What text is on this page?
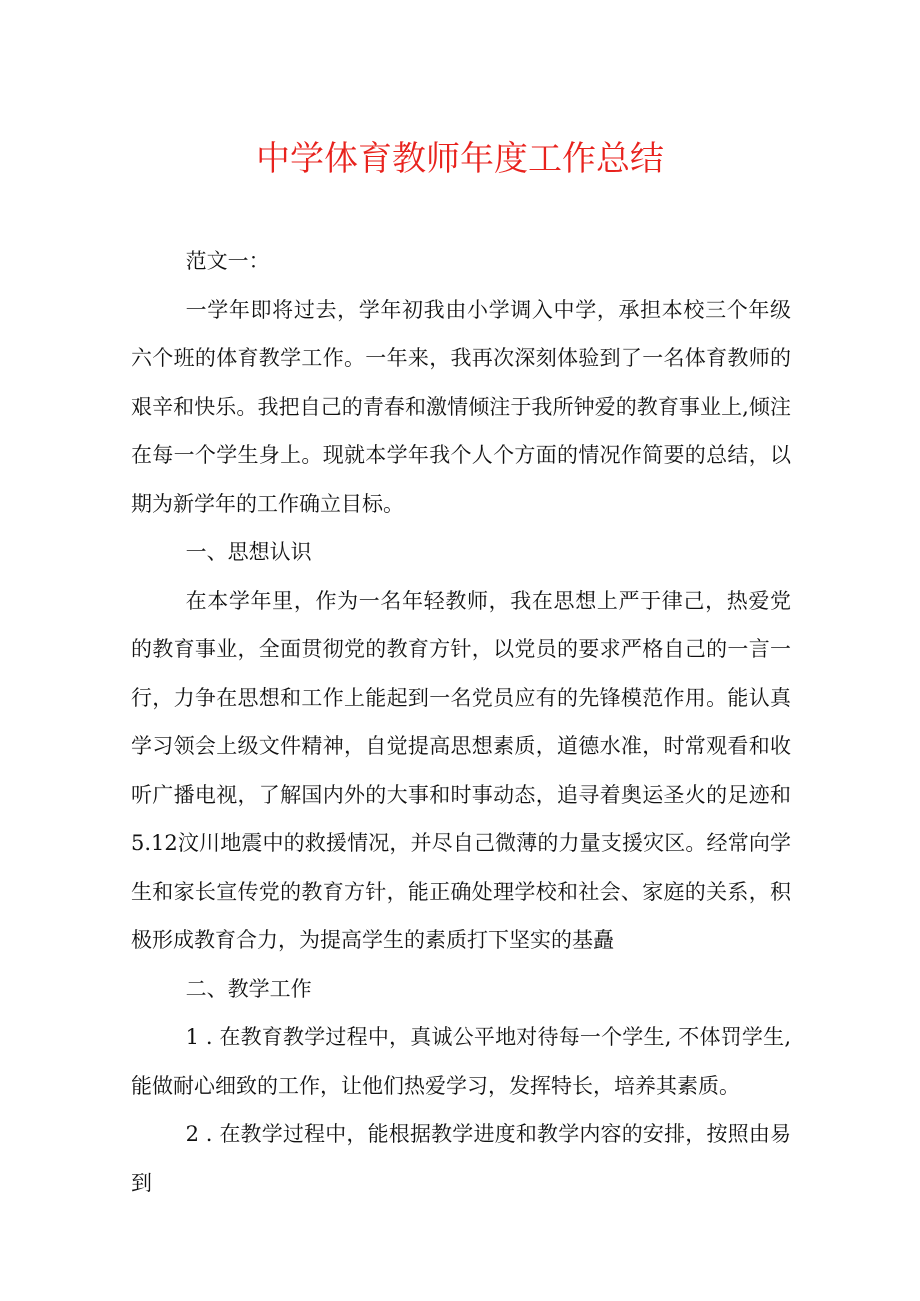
中学体育教师年度工作总结

范文一：

一学年即将过去，学年初我由小学调入中学，承担本校三个年级六个班的体育教学工作。一年来，我再次深刻体验到了一名体育教师的艰辛和快乐。我把自己的青春和激情倾注于我所钟爱的教育事业上,倾注在每一个学生身上。现就本学年我个人个方面的情况作简要的总结，以期为新学年的工作确立目标。

一、思想认识

在本学年里，作为一名年轻教师，我在思想上严于律己，热爱党的教育事业，全面贯彻党的教育方针，以党员的要求严格自己的一言一行，力争在思想和工作上能起到一名党员应有的先锋模范作用。能认真学习领会上级文件精神，自觉提高思想素质，道德水准，时常观看和收听广播电视，了解国内外的大事和时事动态，追寻着奥运圣火的足迹和5.12汶川地震中的救援情况，并尽自己微薄的力量支援灾区。经常向学生和家长宣传党的教育方针，能正确处理学校和社会、家庭的关系，积极形成教育合力，为提高学生的素质打下坚实的基矗

二、教学工作

1 . 在教育教学过程中，真诚公平地对待每一个学生, 不体罚学生, 能做耐心细致的工作，让他们热爱学习，发挥特长，培养其素质。

2 . 在教学过程中，能根据教学进度和教学内容的安排，按照由易到
